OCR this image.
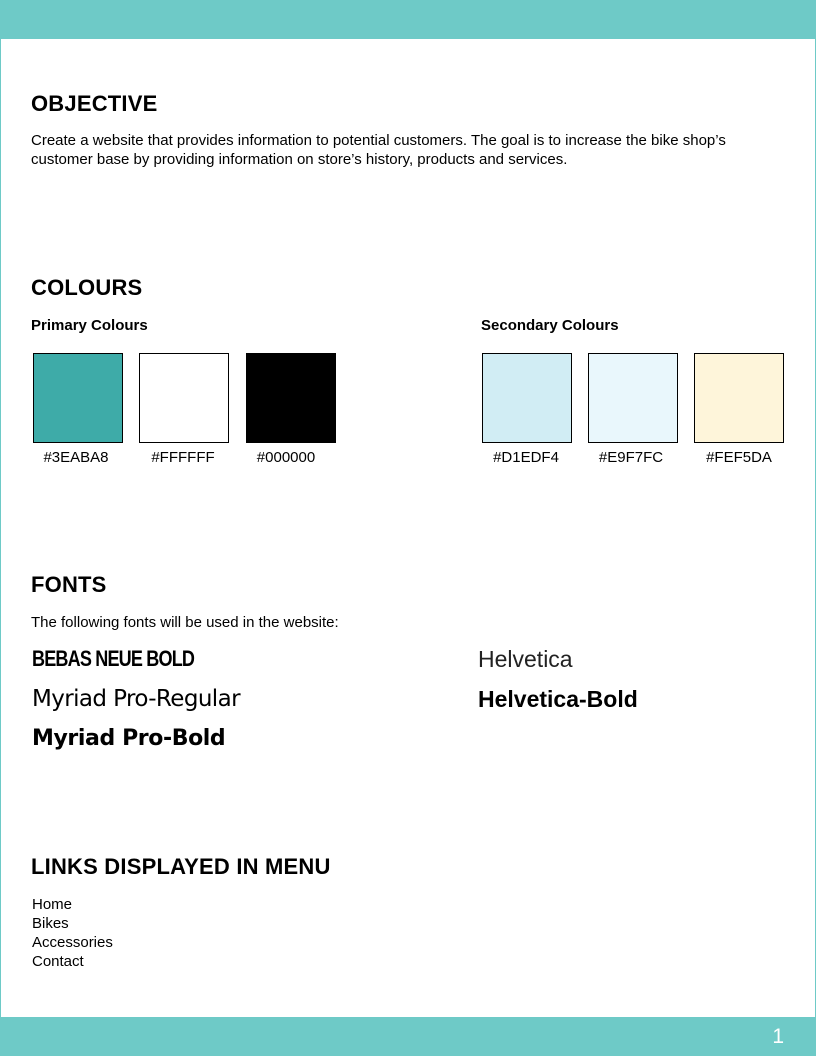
OBJECTIVE

Create a website that provides information to potential customers. The goal is to increase the bike shop’s customer base by providing information on store’s history, products and services.

COLOURS

Primary Colours

#3EABA8	#FFFFFF	#000000

Secondary Colours

#D1EDF4	#E9F7FC	#FEF5DA
FONTS

The following fonts will be used in the website:

BEBAS NEUE BOLD

Myriad Pro-Regular

Myriad Pro-Bold

Helvetica

Helvetica-Bold

LINKS DISPLAYED IN MENU
Home
Bikes
Accessories
Contact
1
